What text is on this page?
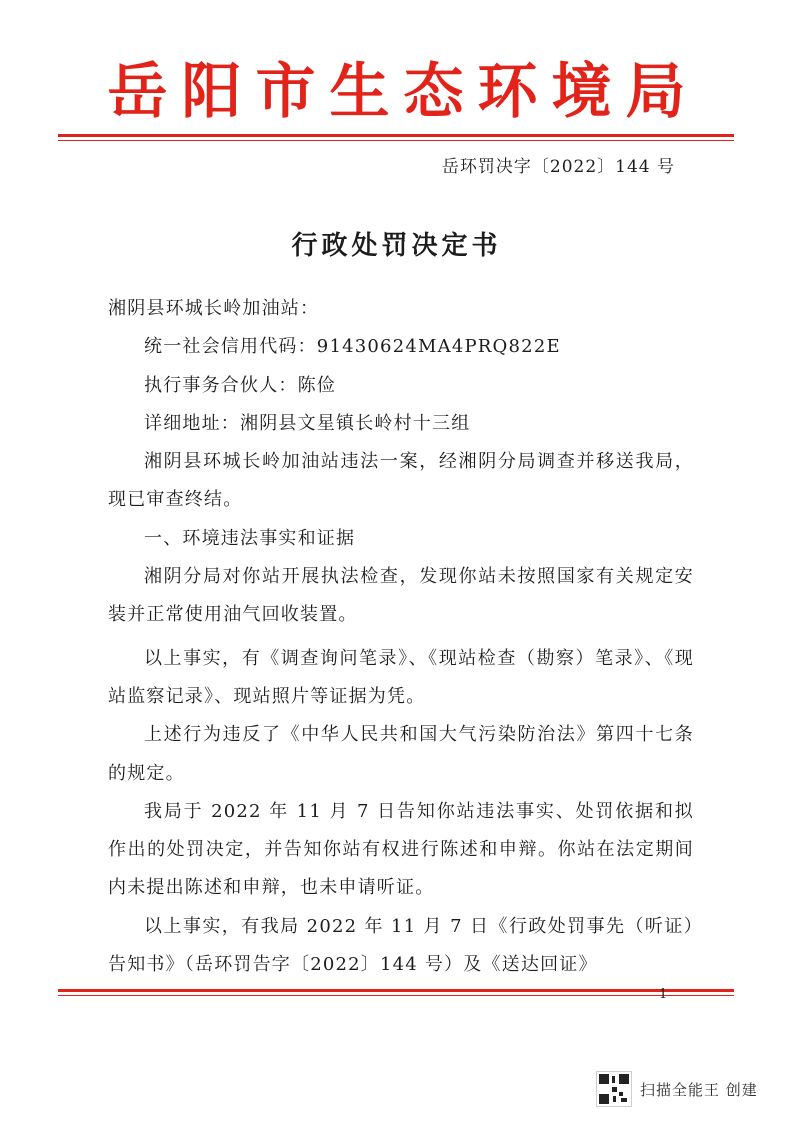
岳阳市生态环境局
岳环罚决字〔2022〕144 号
行政处罚决定书

湘阴县环城长岭加油站：

统一社会信用代码：91430624MA4PRQ822E

执行事务合伙人：陈俭

详细地址：湘阴县文星镇长岭村十三组

湘阴县环城长岭加油站违法一案，经湘阴分局调查并移送我局，现已审查终结。

一、环境违法事实和证据

湘阴分局对你站开展执法检查，发现你站未按照国家有关规定安装并正常使用油气回收装置。

以上事实，有《调查询问笔录》、《现站检查（勘察）笔录》、《现站监察记录》、现站照片等证据为凭。

上述行为违反了《中华人民共和国大气污染防治法》第四十七条的规定。

我局于 2022 年 11 月 7 日告知你站违法事实、处罚依据和拟作出的处罚决定，并告知你站有权进行陈述和申辩。你站在法定期间内未提出陈述和申辩，也未申请听证。

以上事实，有我局 2022 年 11 月 7 日《行政处罚事先（听证）告知书》（岳环罚告字〔2022〕144 号）及《送达回证》

1
扫描全能王 创建
